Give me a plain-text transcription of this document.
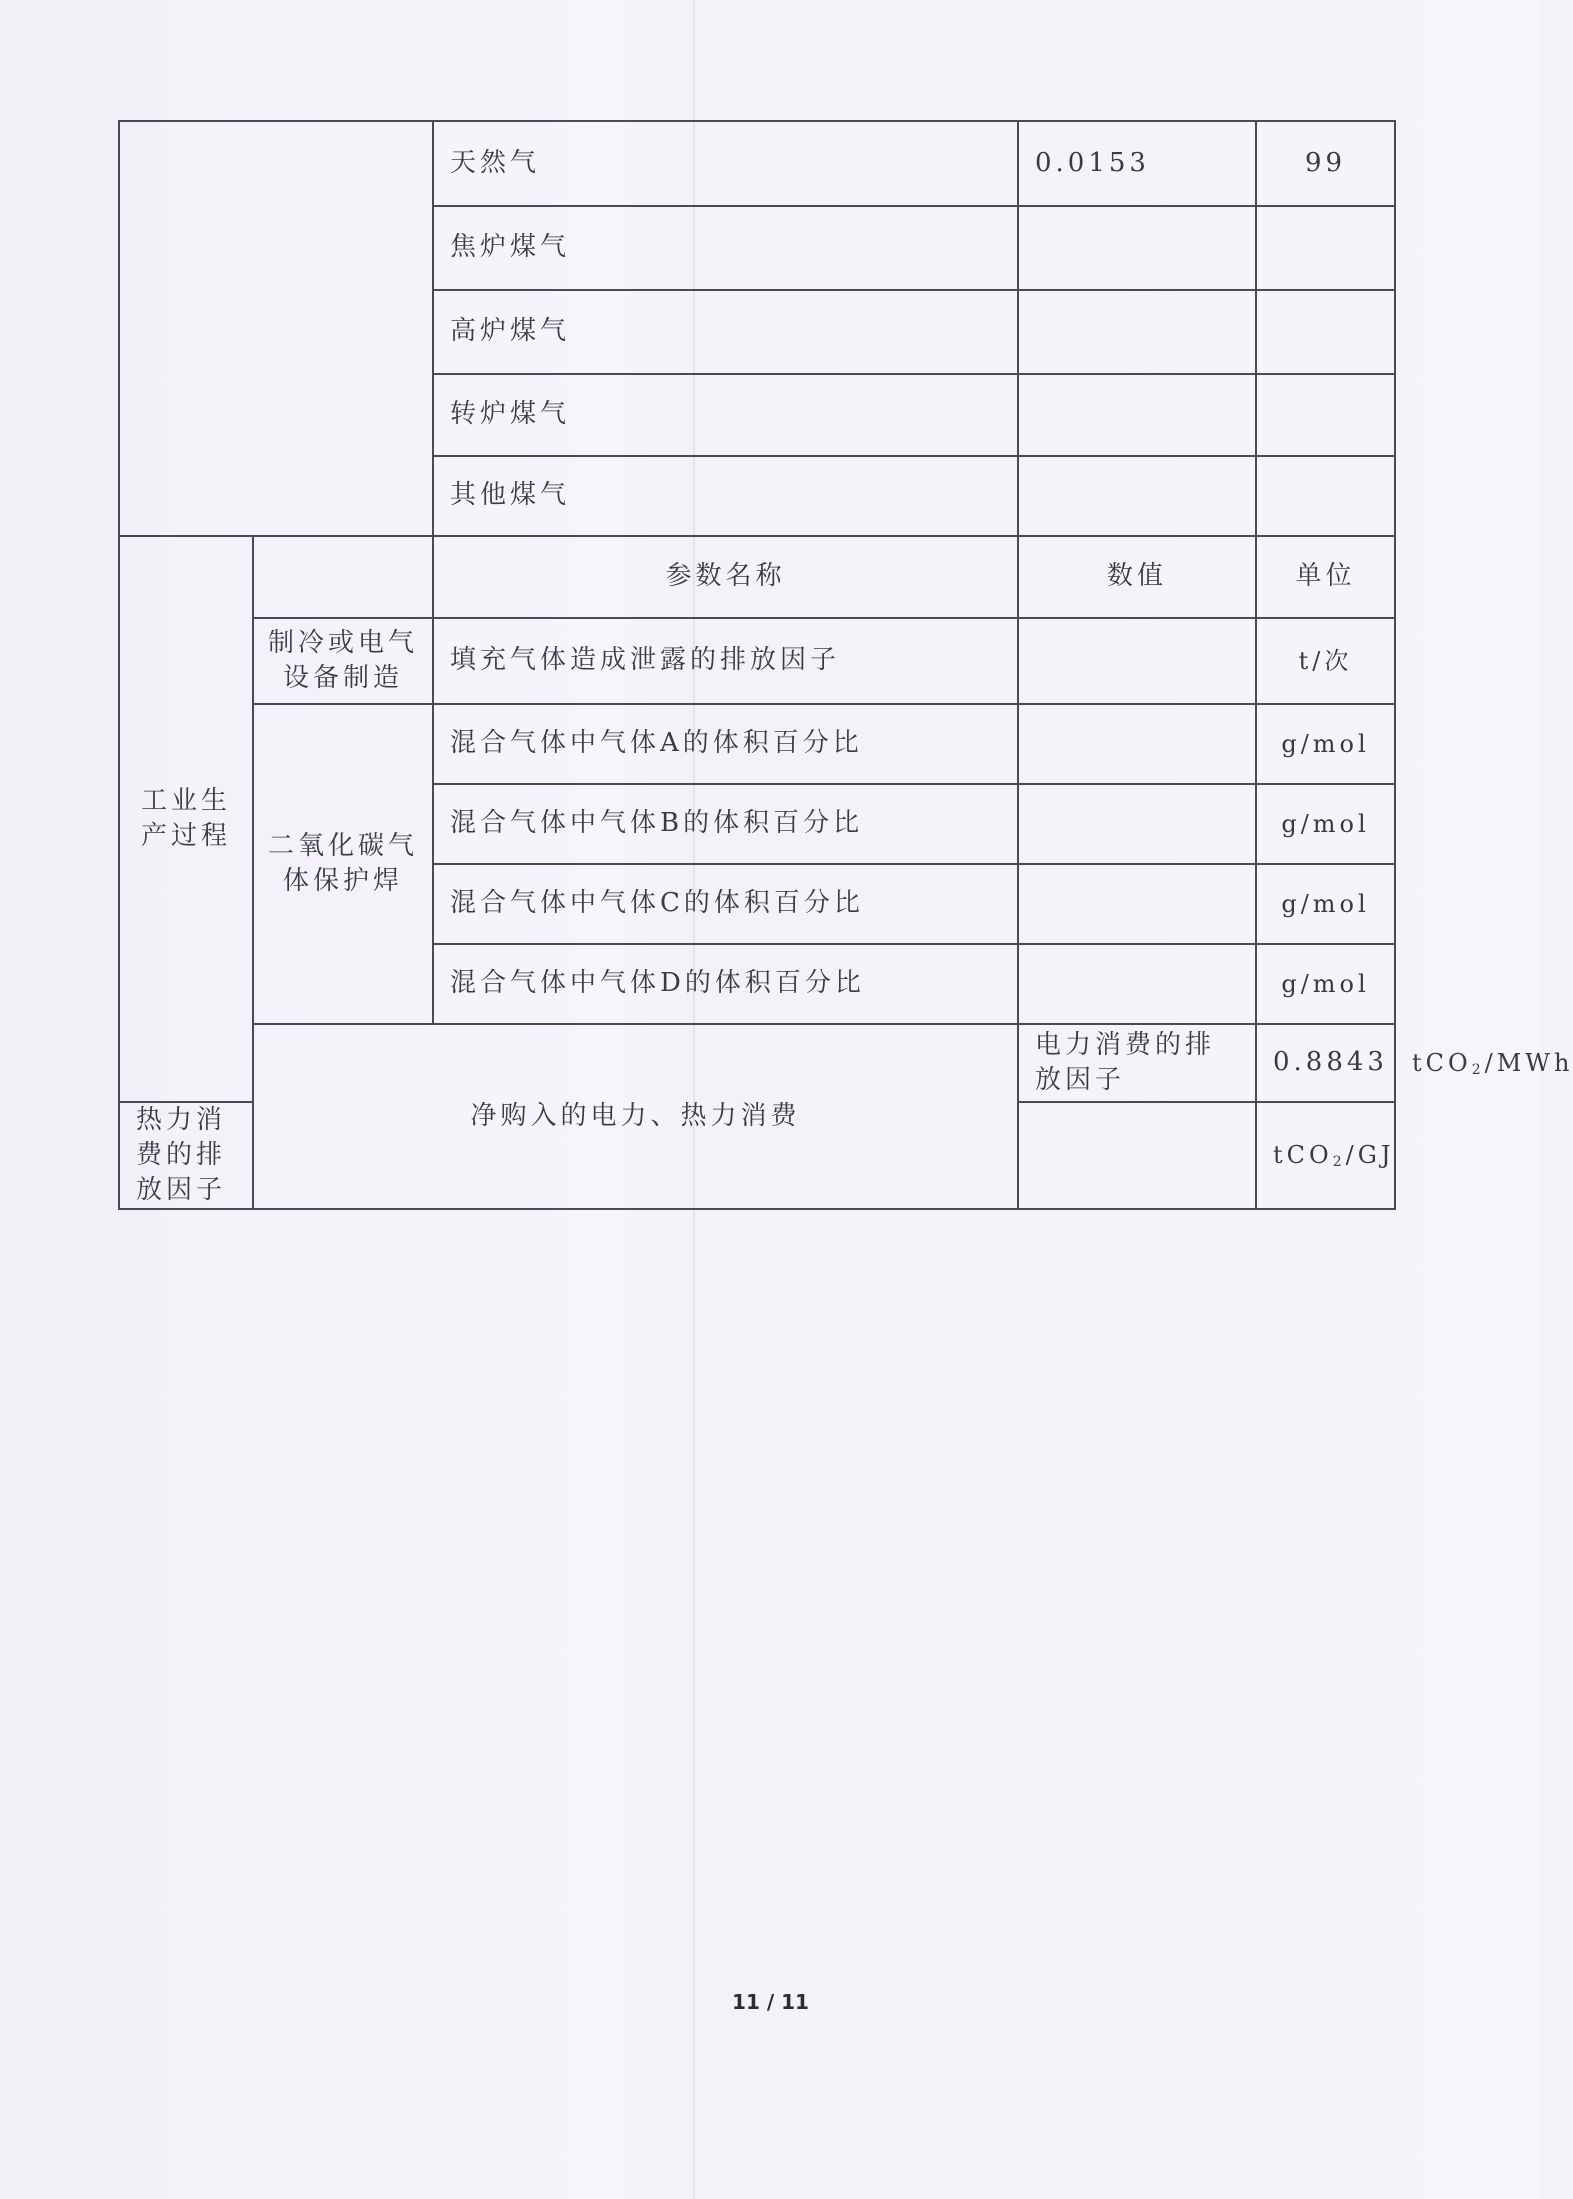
		天然气	0.0153	99	
		焦炉煤气			
		高炉煤气			
		转炉煤气			
		其他煤气			
工业生产过程		参数名称	数值	单位	
	制冷或电气设备制造	填充气体造成泄露的排放因子		t/次	
	二氧化碳气体保护焊	混合气体中气体A的体积百分比		g/mol	
		混合气体中气体B的体积百分比		g/mol	
		混合气体中气体C的体积百分比		g/mol	
		混合气体中气体D的体积百分比		g/mol	
	净购入的电力、热力消费		电力消费的排放因子	0.8843	tCO$_2$/MWh
热力消费的排放因子				tCO$_2$/GJ	
11 / 11
